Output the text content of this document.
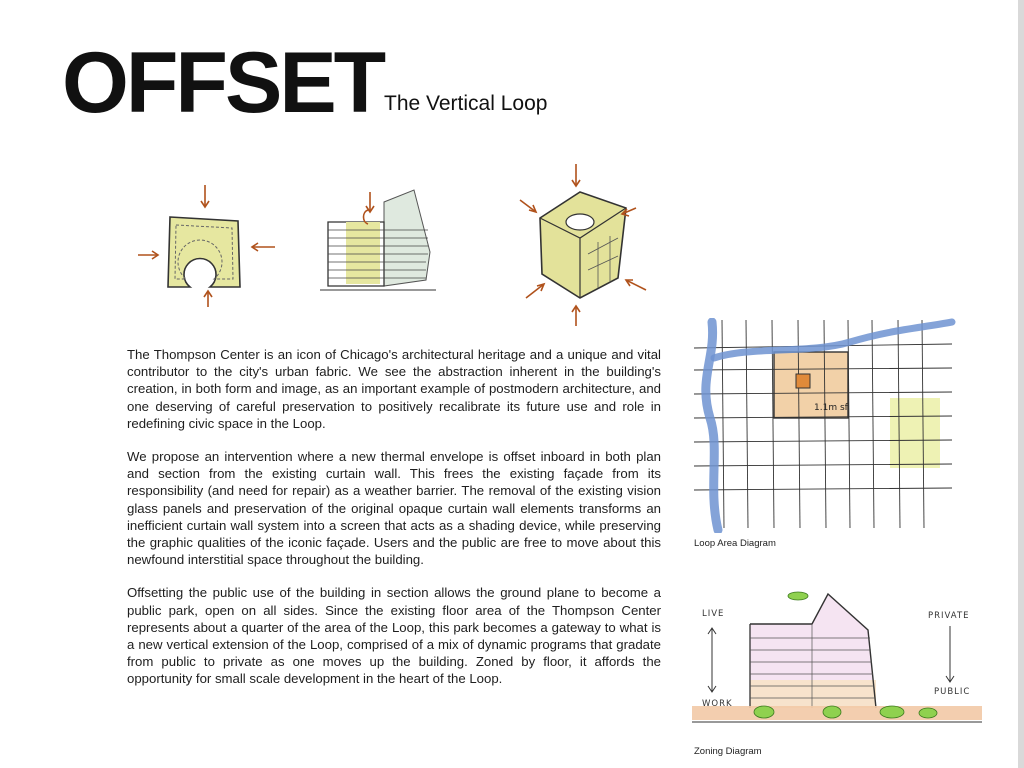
OFFSET The Vertical Loop

The Thompson Center is an icon of Chicago's architectural heritage and a unique and vital contributor to the city's urban fabric. We see the abstraction inherent in the building's creation, in both form and image, as an important example of postmodern architecture, and one deserving of careful preservation to positively recalibrate its future use and role in redefining civic space in the Loop.

We propose an intervention where a new thermal envelope is offset inboard in both plan and section from the existing curtain wall. This frees the existing façade from its responsibility (and need for repair) as a weather barrier. The removal of the existing vision glass panels and preservation of the original opaque curtain wall elements transforms an inefficient curtain wall system into a screen that acts as a shading device, while preserving the graphic qualities of the iconic façade. Users and the public are free to move about this newfound interstitial space throughout the building.

Offsetting the public use of the building in section allows the ground plane to become a public park, open on all sides. Since the existing floor area of the Thompson Center represents about a quarter of the area of the Loop, this park becomes a gateway to what is a new vertical extension of the Loop, comprised of a mix of dynamic programs that gradate from public to private as one moves up the building. Zoned by floor, it affords the opportunity for small scale development in the heart of the Loop.

1.1m sf
Loop Area Diagram
LIVE
WORK
PRIVATE
PUBLIC
Zoning Diagram
